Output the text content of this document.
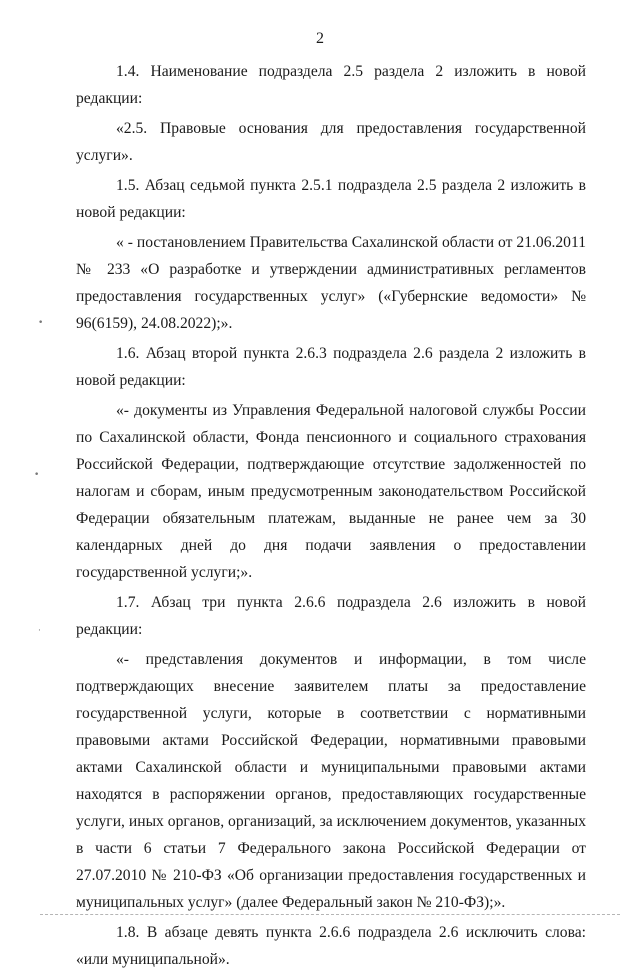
2

1.4. Наименование подраздела 2.5 раздела 2 изложить в новой редакции:

«2.5. Правовые основания для предоставления государственной услуги».

1.5. Абзац седьмой пункта 2.5.1 подраздела 2.5 раздела 2 изложить в новой редакции:

« - постановлением Правительства Сахалинской области от 21.06.2011 № 233 «О разработке и утверждении административных регламентов предоставления государственных услуг» («Губернские ведомости» № 96(6159), 24.08.2022);».

1.6. Абзац второй пункта 2.6.3 подраздела 2.6 раздела 2 изложить в новой редакции:

«- документы из Управления Федеральной налоговой службы России по Сахалинской области, Фонда пенсионного и социального страхования Российской Федерации, подтверждающие отсутствие задолженностей по налогам и сборам, иным предусмотренным законодательством Российской Федерации обязательным платежам, выданные не ранее чем за 30 календарных дней до дня подачи заявления о предоставлении государственной услуги;».

1.7. Абзац три пункта 2.6.6 подраздела 2.6 изложить в новой редакции:

«- представления документов и информации, в том числе подтверждающих внесение заявителем платы за предоставление государственной услуги, которые в соответствии с нормативными правовыми актами Российской Федерации, нормативными правовыми актами Сахалинской области и муниципальными правовыми актами находятся в распоряжении органов, предоставляющих государственные услуги, иных органов, организаций, за исключением документов, указанных в части 6 статьи 7 Федерального закона Российской Федерации от 27.07.2010 № 210-ФЗ «Об организации предоставления государственных и муниципальных услуг» (далее Федеральный закон № 210-ФЗ);».

1.8. В абзаце девять пункта 2.6.6 подраздела 2.6 исключить слова: «или муниципальной».

•
•
·
